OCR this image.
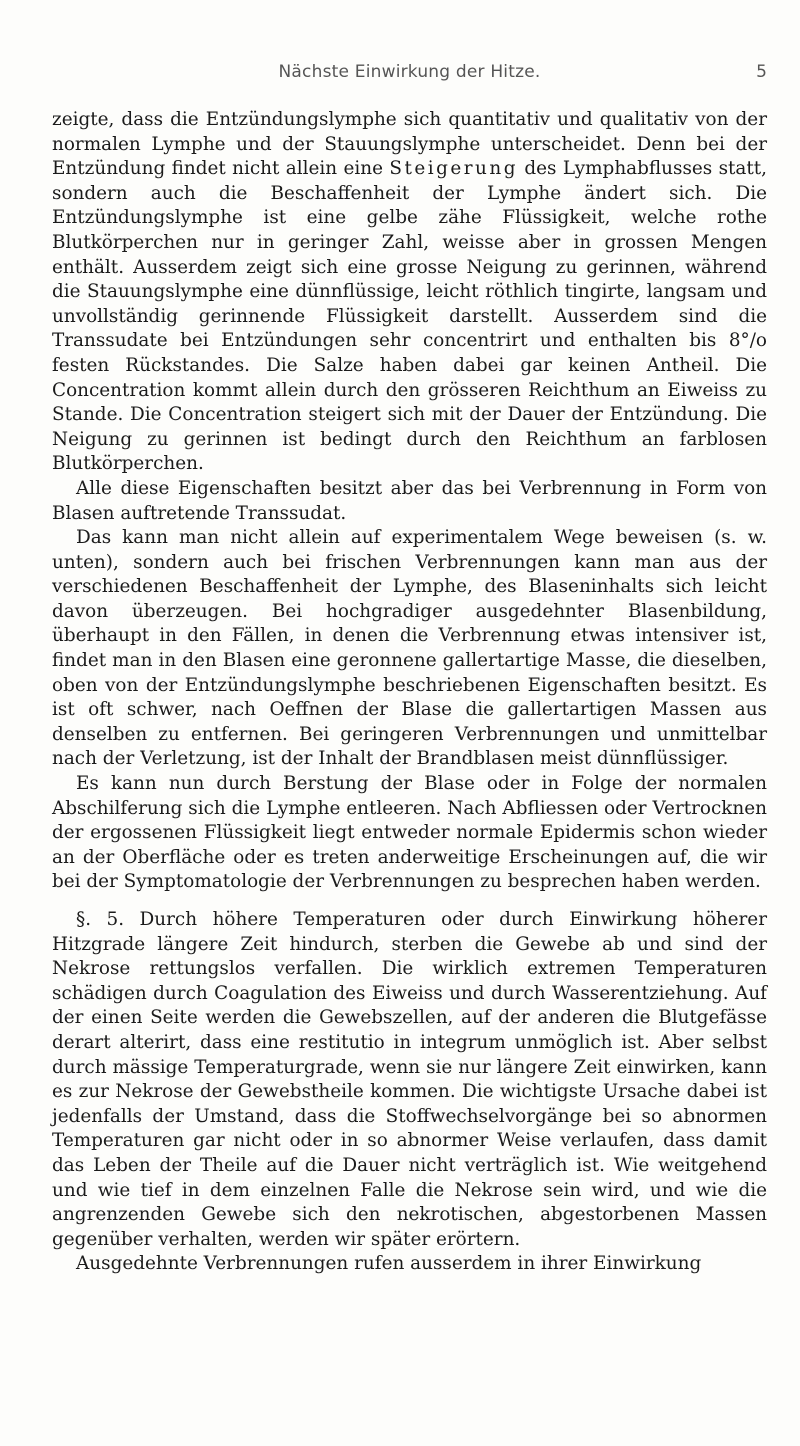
Nächste Einwirkung der Hitze.	5

zeigte, dass die Entzündungslymphe sich quantitativ und qualitativ von der normalen Lymphe und der Stauungslymphe unterscheidet. Denn bei der Entzündung findet nicht allein eine Steigerung des Lymphabflusses statt, sondern auch die Beschaffenheit der Lymphe ändert sich. Die Entzündungslymphe ist eine gelbe zähe Flüssigkeit, welche rothe Blutkörperchen nur in geringer Zahl, weisse aber in grossen Mengen enthält. Ausserdem zeigt sich eine grosse Neigung zu gerinnen, während die Stauungslymphe eine dünnflüssige, leicht röthlich tingirte, langsam und unvollständig gerinnende Flüssigkeit darstellt. Ausserdem sind die Transsudate bei Entzündungen sehr concentrirt und enthalten bis 8°/o festen Rückstandes. Die Salze haben dabei gar keinen Antheil. Die Concentration kommt allein durch den grösseren Reichthum an Eiweiss zu Stande. Die Concentration steigert sich mit der Dauer der Entzündung. Die Neigung zu gerinnen ist bedingt durch den Reichthum an farblosen Blutkörperchen.

Alle diese Eigenschaften besitzt aber das bei Verbrennung in Form von Blasen auftretende Transsudat.

Das kann man nicht allein auf experimentalem Wege beweisen (s. w. unten), sondern auch bei frischen Verbrennungen kann man aus der verschiedenen Beschaffenheit der Lymphe, des Blaseninhalts sich leicht davon überzeugen. Bei hochgradiger ausgedehnter Blasenbildung, überhaupt in den Fällen, in denen die Verbrennung etwas intensiver ist, findet man in den Blasen eine geronnene gallertartige Masse, die dieselben, oben von der Entzündungslymphe beschriebenen Eigenschaften besitzt. Es ist oft schwer, nach Oeffnen der Blase die gallertartigen Massen aus denselben zu entfernen. Bei geringeren Verbrennungen und unmittelbar nach der Verletzung, ist der Inhalt der Brandblasen meist dünnflüssiger.

Es kann nun durch Berstung der Blase oder in Folge der normalen Abschilferung sich die Lymphe entleeren. Nach Abfliessen oder Vertrocknen der ergossenen Flüssigkeit liegt entweder normale Epidermis schon wieder an der Oberfläche oder es treten anderweitige Erscheinungen auf, die wir bei der Symptomatologie der Verbrennungen zu besprechen haben werden.

§. 5. Durch höhere Temperaturen oder durch Einwirkung höherer Hitzgrade längere Zeit hindurch, sterben die Gewebe ab und sind der Nekrose rettungslos verfallen. Die wirklich extremen Temperaturen schädigen durch Coagulation des Eiweiss und durch Wasserentziehung. Auf der einen Seite werden die Gewebszellen, auf der anderen die Blutgefässe derart alterirt, dass eine restitutio in integrum unmöglich ist. Aber selbst durch mässige Temperaturgrade, wenn sie nur längere Zeit einwirken, kann es zur Nekrose der Gewebstheile kommen. Die wichtigste Ursache dabei ist jedenfalls der Umstand, dass die Stoffwechselvorgänge bei so abnormen Temperaturen gar nicht oder in so abnormer Weise verlaufen, dass damit das Leben der Theile auf die Dauer nicht verträglich ist. Wie weitgehend und wie tief in dem einzelnen Falle die Nekrose sein wird, und wie die angrenzenden Gewebe sich den nekrotischen, abgestorbenen Massen gegenüber verhalten, werden wir später erörtern.

Ausgedehnte Verbrennungen rufen ausserdem in ihrer Einwirkung
